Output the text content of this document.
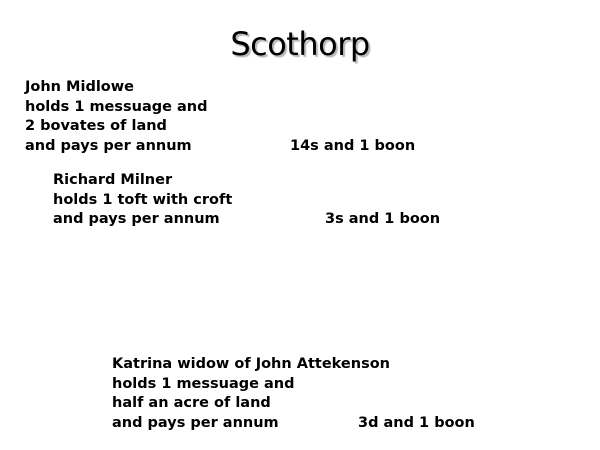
Scothorp
John Midlowe
holds 1 messuage and
2 bovates of land
and pays per annum	14s and 1 boon
Richard Milner
holds 1 toft with croft
and pays per annum	3s and 1 boon
Katrina widow of John Attekenson
holds 1 messuage and
half an acre of land
and pays per annum	3d and 1 boon
